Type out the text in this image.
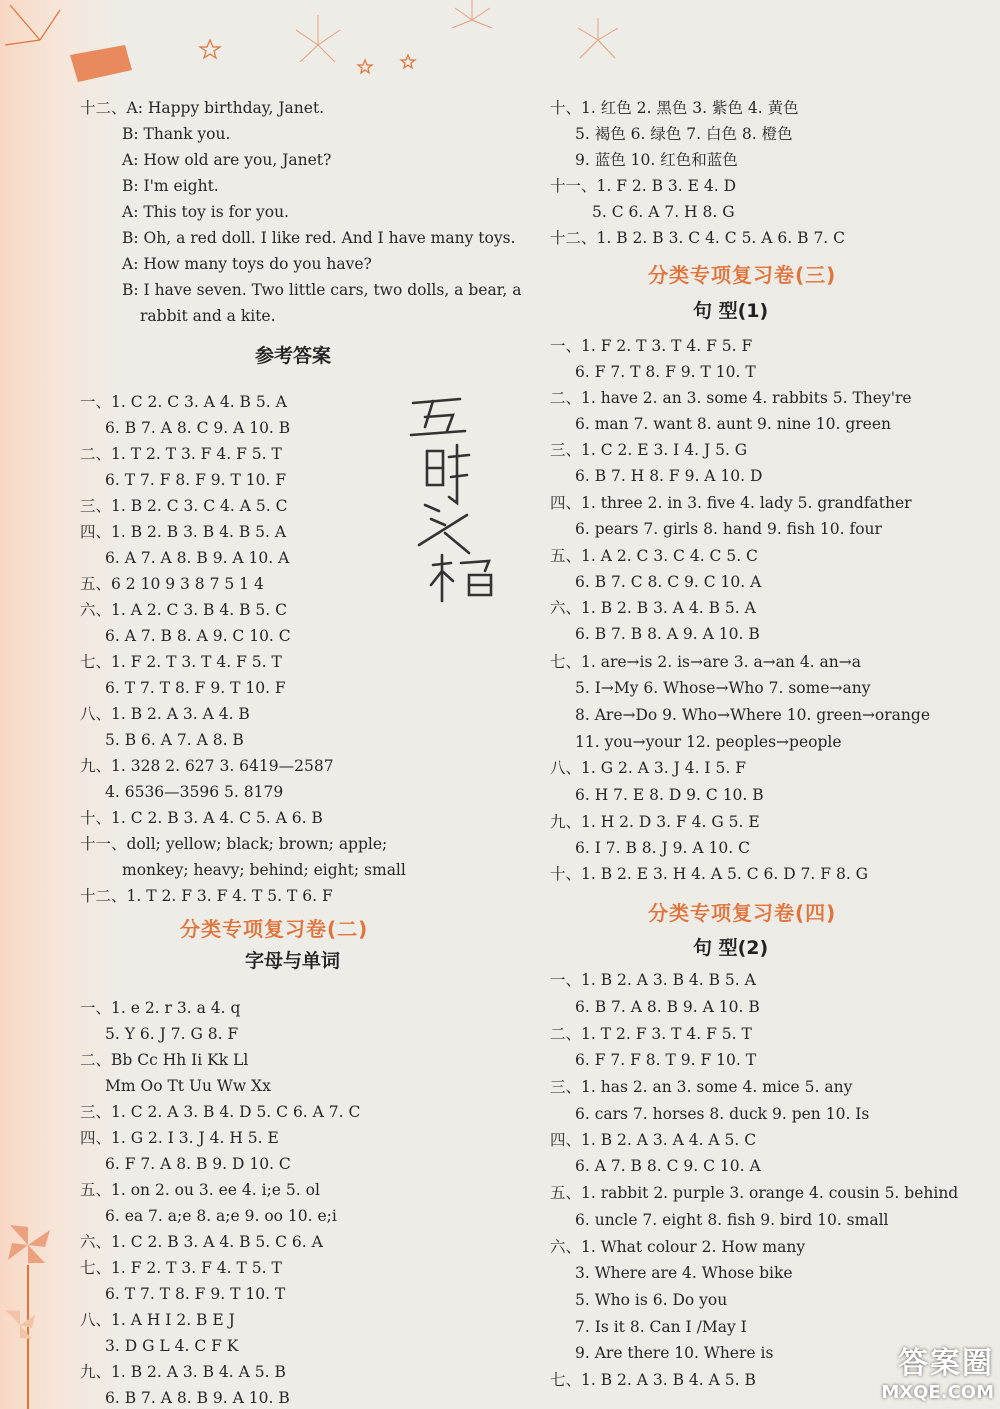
十二、A: Happy birthday, Janet.
B: Thank you.
A: How old are you, Janet?
B: I'm eight.
A: This toy is for you.
B: Oh, a red doll. I like red. And I have many toys.
A: How many toys do you have?
B: I have seven. Two little cars, two dolls, a bear, a
rabbit and a kite.
一、1. C 2. C 3. A 4. B 5. A
6. B 7. A 8. C 9. A 10. B
二、1. T 2. T 3. F 4. F 5. T
6. T 7. F 8. F 9. T 10. F
三、1. B 2. C 3. C 4. A 5. C
四、1. B 2. B 3. B 4. B 5. A
6. A 7. A 8. B 9. A 10. A
五、6 2 10 9 3 8 7 5 1 4
六、1. A 2. C 3. B 4. B 5. C
6. A 7. B 8. A 9. C 10. C
七、1. F 2. T 3. T 4. F 5. T
6. T 7. T 8. F 9. T 10. F
八、1. B 2. A 3. A 4. B
5. B 6. A 7. A 8. B
九、1. 328 2. 627 3. 6419—2587
4. 6536—3596 5. 8179
十、1. C 2. B 3. A 4. C 5. A 6. B
十一、doll; yellow; black; brown; apple;
monkey; heavy; behind; eight; small
十二、1. T 2. F 3. F 4. T 5. T 6. F
一、1. e 2. r 3. a 4. q
5. Y 6. J 7. G 8. F
二、Bb Cc Hh Ii Kk Ll
Mm Oo Tt Uu Ww Xx
三、1. C 2. A 3. B 4. D 5. C 6. A 7. C
四、1. G 2. I 3. J 4. H 5. E
6. F 7. A 8. B 9. D 10. C
五、1. on 2. ou 3. ee 4. i;e 5. ol
6. ea 7. a;e 8. a;e 9. oo 10. e;i
六、1. C 2. B 3. A 4. B 5. C 6. A
七、1. F 2. T 3. F 4. T 5. T
6. T 7. T 8. F 9. T 10. T
八、1. A H I 2. B E J
3. D G L 4. C F K
九、1. B 2. A 3. B 4. A 5. B
6. B 7. A 8. B 9. A 10. B
参考答案
分类专项复习卷(二)
字母与单词
十、1. 红色 2. 黑色 3. 紫色 4. 黄色
5. 褐色 6. 绿色 7. 白色 8. 橙色
9. 蓝色 10. 红色和蓝色
十一、1. F 2. B 3. E 4. D
5. C 6. A 7. H 8. G
十二、1. B 2. B 3. C 4. C 5. A 6. B 7. C
一、1. F 2. T 3. T 4. F 5. F
6. F 7. T 8. F 9. T 10. T
二、1. have 2. an 3. some 4. rabbits 5. They're
6. man 7. want 8. aunt 9. nine 10. green
三、1. C 2. E 3. I 4. J 5. G
6. B 7. H 8. F 9. A 10. D
四、1. three 2. in 3. five 4. lady 5. grandfather
6. pears 7. girls 8. hand 9. fish 10. four
五、1. A 2. C 3. C 4. C 5. C
6. B 7. C 8. C 9. C 10. A
六、1. B 2. B 3. A 4. B 5. A
6. B 7. B 8. A 9. A 10. B
七、1. are→is 2. is→are 3. a→an 4. an→a
5. I→My 6. Whose→Who 7. some→any
8. Are→Do 9. Who→Where 10. green→orange
11. you→your 12. peoples→people
八、1. G 2. A 3. J 4. I 5. F
6. H 7. E 8. D 9. C 10. B
九、1. H 2. D 3. F 4. G 5. E
6. I 7. B 8. J 9. A 10. C
十、1. B 2. E 3. H 4. A 5. C 6. D 7. F 8. G
一、1. B 2. A 3. B 4. B 5. A
6. B 7. A 8. B 9. A 10. B
二、1. T 2. F 3. T 4. F 5. T
6. F 7. F 8. T 9. F 10. T
三、1. has 2. an 3. some 4. mice 5. any
6. cars 7. horses 8. duck 9. pen 10. Is
四、1. B 2. A 3. A 4. A 5. C
6. A 7. B 8. C 9. C 10. A
五、1. rabbit 2. purple 3. orange 4. cousin 5. behind
6. uncle 7. eight 8. fish 9. bird 10. small
六、1. What colour 2. How many
3. Where are 4. Whose bike
5. Who is 6. Do you
7. Is it 8. Can I /May I
9. Are there 10. Where is
七、1. B 2. A 3. B 4. A 5. B
分类专项复习卷(三)
句 型(1)
分类专项复习卷(四)
句 型(2)
答案圈
MXQE.COM
